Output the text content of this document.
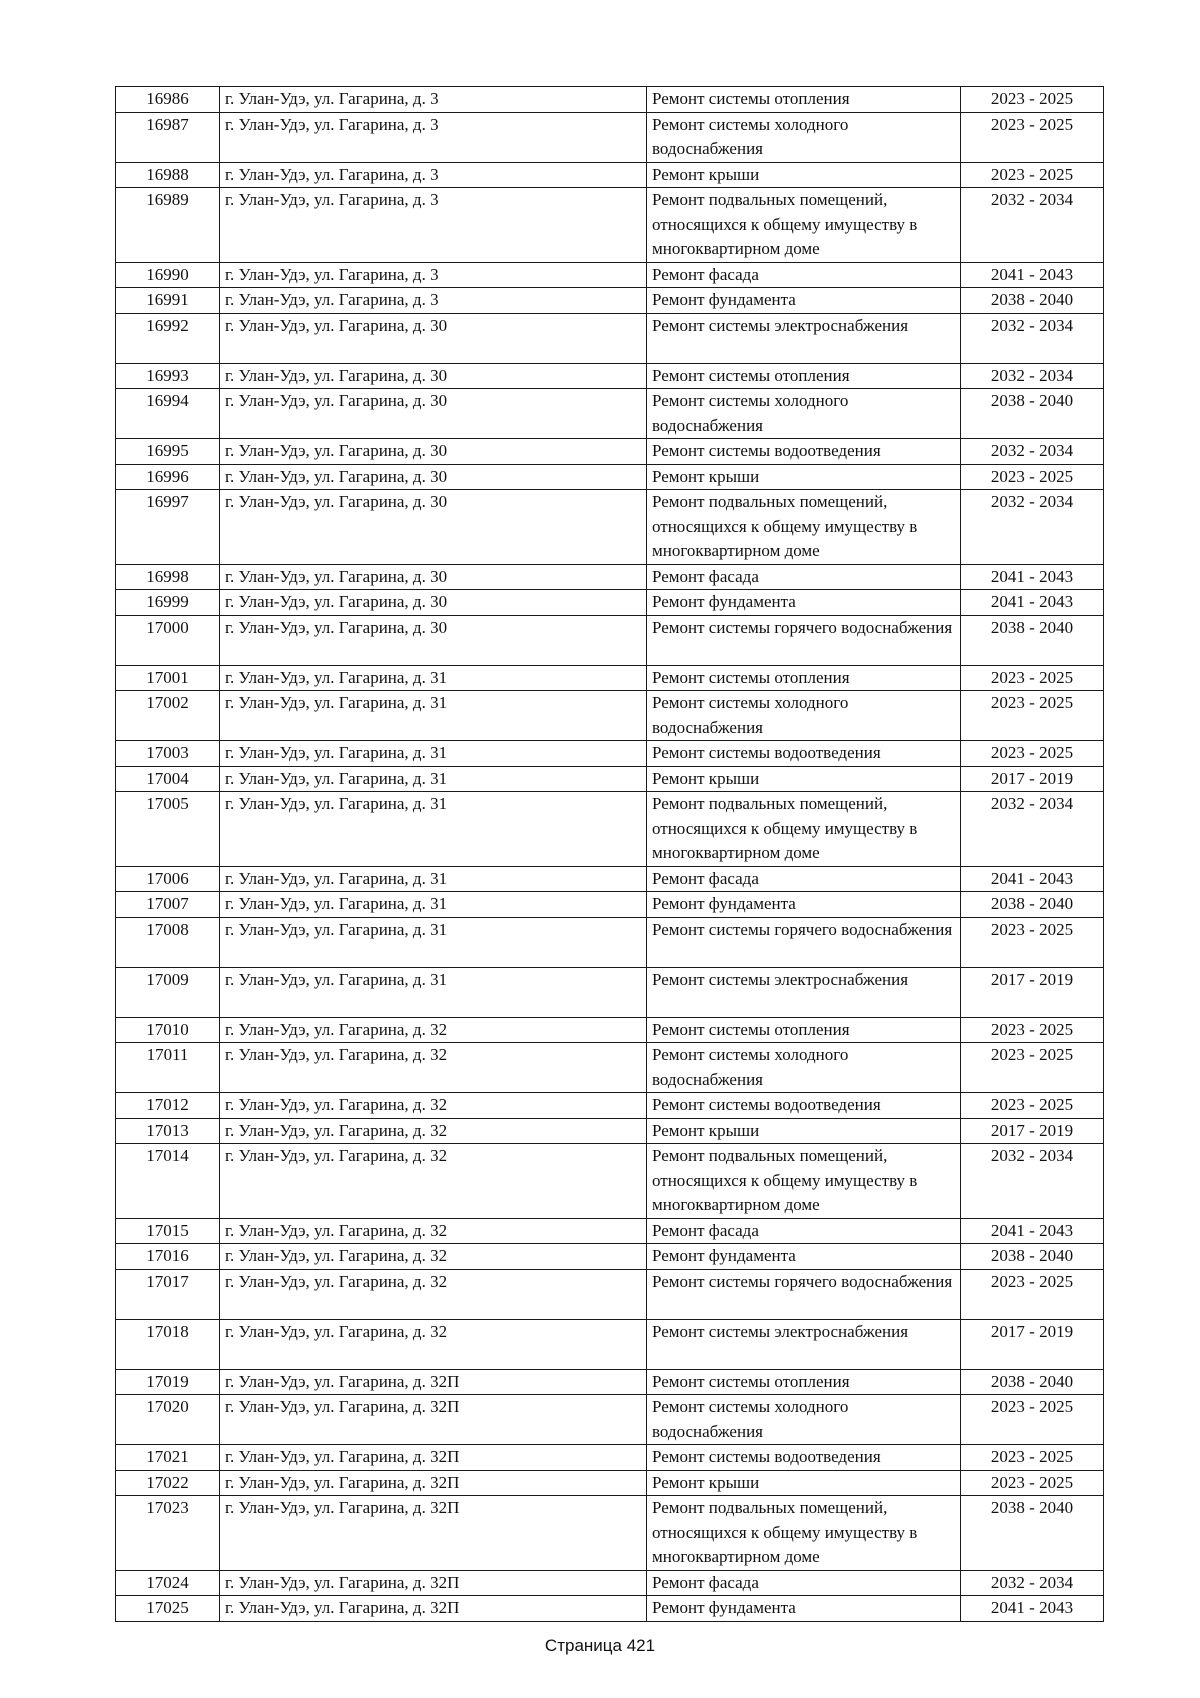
16986	г. Улан-Удэ, ул. Гагарина, д. 3	Ремонт системы отопления	2023 - 2025
16987	г. Улан-Удэ, ул. Гагарина, д. 3	Ремонт системы холодного водоснабжения	2023 - 2025
16988	г. Улан-Удэ, ул. Гагарина, д. 3	Ремонт крыши	2023 - 2025
16989	г. Улан-Удэ, ул. Гагарина, д. 3	Ремонт подвальных помещений, относящихся к общему имуществу в многоквартирном доме	2032 - 2034
16990	г. Улан-Удэ, ул. Гагарина, д. 3	Ремонт фасада	2041 - 2043
16991	г. Улан-Удэ, ул. Гагарина, д. 3	Ремонт фундамента	2038 - 2040
16992	г. Улан-Удэ, ул. Гагарина, д. 30	Ремонт системы электроснабжения	2032 - 2034
16993	г. Улан-Удэ, ул. Гагарина, д. 30	Ремонт системы отопления	2032 - 2034
16994	г. Улан-Удэ, ул. Гагарина, д. 30	Ремонт системы холодного водоснабжения	2038 - 2040
16995	г. Улан-Удэ, ул. Гагарина, д. 30	Ремонт системы водоотведения	2032 - 2034
16996	г. Улан-Удэ, ул. Гагарина, д. 30	Ремонт крыши	2023 - 2025
16997	г. Улан-Удэ, ул. Гагарина, д. 30	Ремонт подвальных помещений, относящихся к общему имуществу в многоквартирном доме	2032 - 2034
16998	г. Улан-Удэ, ул. Гагарина, д. 30	Ремонт фасада	2041 - 2043
16999	г. Улан-Удэ, ул. Гагарина, д. 30	Ремонт фундамента	2041 - 2043
17000	г. Улан-Удэ, ул. Гагарина, д. 30	Ремонт системы горячего водоснабжения	2038 - 2040
17001	г. Улан-Удэ, ул. Гагарина, д. 31	Ремонт системы отопления	2023 - 2025
17002	г. Улан-Удэ, ул. Гагарина, д. 31	Ремонт системы холодного водоснабжения	2023 - 2025
17003	г. Улан-Удэ, ул. Гагарина, д. 31	Ремонт системы водоотведения	2023 - 2025
17004	г. Улан-Удэ, ул. Гагарина, д. 31	Ремонт крыши	2017 - 2019
17005	г. Улан-Удэ, ул. Гагарина, д. 31	Ремонт подвальных помещений, относящихся к общему имуществу в многоквартирном доме	2032 - 2034
17006	г. Улан-Удэ, ул. Гагарина, д. 31	Ремонт фасада	2041 - 2043
17007	г. Улан-Удэ, ул. Гагарина, д. 31	Ремонт фундамента	2038 - 2040
17008	г. Улан-Удэ, ул. Гагарина, д. 31	Ремонт системы горячего водоснабжения	2023 - 2025
17009	г. Улан-Удэ, ул. Гагарина, д. 31	Ремонт системы электроснабжения	2017 - 2019
17010	г. Улан-Удэ, ул. Гагарина, д. 32	Ремонт системы отопления	2023 - 2025
17011	г. Улан-Удэ, ул. Гагарина, д. 32	Ремонт системы холодного водоснабжения	2023 - 2025
17012	г. Улан-Удэ, ул. Гагарина, д. 32	Ремонт системы водоотведения	2023 - 2025
17013	г. Улан-Удэ, ул. Гагарина, д. 32	Ремонт крыши	2017 - 2019
17014	г. Улан-Удэ, ул. Гагарина, д. 32	Ремонт подвальных помещений, относящихся к общему имуществу в многоквартирном доме	2032 - 2034
17015	г. Улан-Удэ, ул. Гагарина, д. 32	Ремонт фасада	2041 - 2043
17016	г. Улан-Удэ, ул. Гагарина, д. 32	Ремонт фундамента	2038 - 2040
17017	г. Улан-Удэ, ул. Гагарина, д. 32	Ремонт системы горячего водоснабжения	2023 - 2025
17018	г. Улан-Удэ, ул. Гагарина, д. 32	Ремонт системы электроснабжения	2017 - 2019
17019	г. Улан-Удэ, ул. Гагарина, д. 32П	Ремонт системы отопления	2038 - 2040
17020	г. Улан-Удэ, ул. Гагарина, д. 32П	Ремонт системы холодного водоснабжения	2023 - 2025
17021	г. Улан-Удэ, ул. Гагарина, д. 32П	Ремонт системы водоотведения	2023 - 2025
17022	г. Улан-Удэ, ул. Гагарина, д. 32П	Ремонт крыши	2023 - 2025
17023	г. Улан-Удэ, ул. Гагарина, д. 32П	Ремонт подвальных помещений, относящихся к общему имуществу в многоквартирном доме	2038 - 2040
17024	г. Улан-Удэ, ул. Гагарина, д. 32П	Ремонт фасада	2032 - 2034
17025	г. Улан-Удэ, ул. Гагарина, д. 32П	Ремонт фундамента	2041 - 2043
Страница 421
